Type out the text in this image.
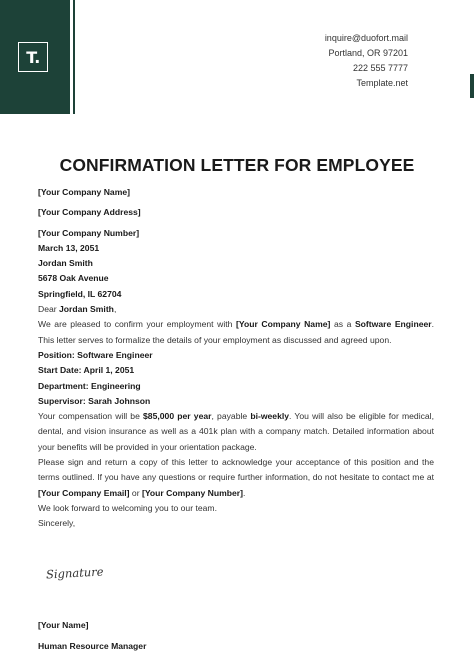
T.
inquire@duofort.mail
Portland, OR 97201
222 555 7777
Template.net
CONFIRMATION LETTER FOR EMPLOYEE
[Your Company Name]
[Your Company Address]
[Your Company Number]
March 13, 2051
Jordan Smith
5678 Oak Avenue
Springfield, IL 62704
Dear Jordan Smith,
We are pleased to confirm your employment with [Your Company Name] as a Software Engineer. This letter serves to formalize the details of your employment as discussed and agreed upon.
Position: Software Engineer
Start Date: April 1, 2051
Department: Engineering
Supervisor: Sarah Johnson
Your compensation will be $85,000 per year, payable bi-weekly. You will also be eligible for medical, dental, and vision insurance as well as a 401k plan with a company match. Detailed information about your benefits will be provided in your orientation package.
Please sign and return a copy of this letter to acknowledge your acceptance of this position and the terms outlined. If you have any questions or require further information, do not hesitate to contact me at [Your Company Email] or [Your Company Number].
We look forward to welcoming you to our team.
Sincerely,
Signature
[Your Name]
Human Resource Manager
